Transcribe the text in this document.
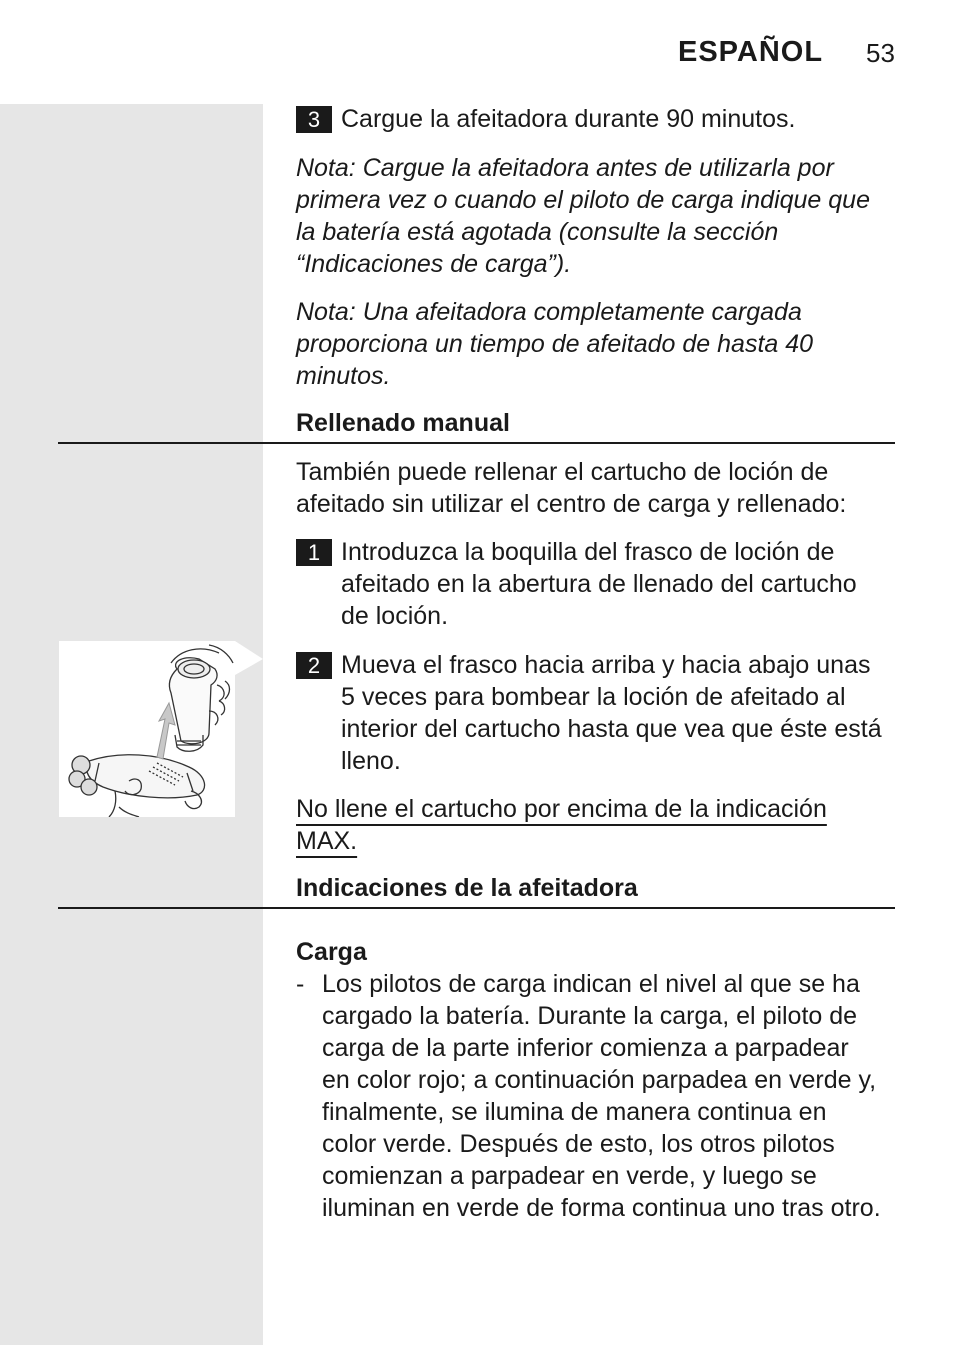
ESPAÑOL 53
3 Cargue la afeitadora durante 90 minutos.
Nota: Cargue la afeitadora antes de utilizarla por primera vez o cuando el piloto de carga indique que la batería está agotada (consulte la sección “Indicaciones de carga”).
Nota: Una afeitadora completamente cargada proporciona un tiempo de afeitado de hasta 40 minutos.
Rellenado manual
También puede rellenar el cartucho de loción de afeitado sin utilizar el centro de carga y rellenado:
1 Introduzca la boquilla del frasco de loción de afeitado en la abertura de llenado del cartucho de loción.
2 Mueva el frasco hacia arriba y hacia abajo unas 5 veces para bombear la loción de afeitado al interior del cartucho hasta que vea que éste está lleno.
No llene el cartucho por encima de la indicación MAX.
Indicaciones de la afeitadora
Carga
- Los pilotos de carga indican el nivel al que se ha cargado la batería. Durante la carga, el piloto de carga de la parte inferior comienza a parpadear en color rojo; a continuación parpadea en verde y, finalmente, se ilumina de manera continua en color verde. Después de esto, los otros pilotos comienzan a parpadear en verde, y luego se iluminan en verde de forma continua uno tras otro.
